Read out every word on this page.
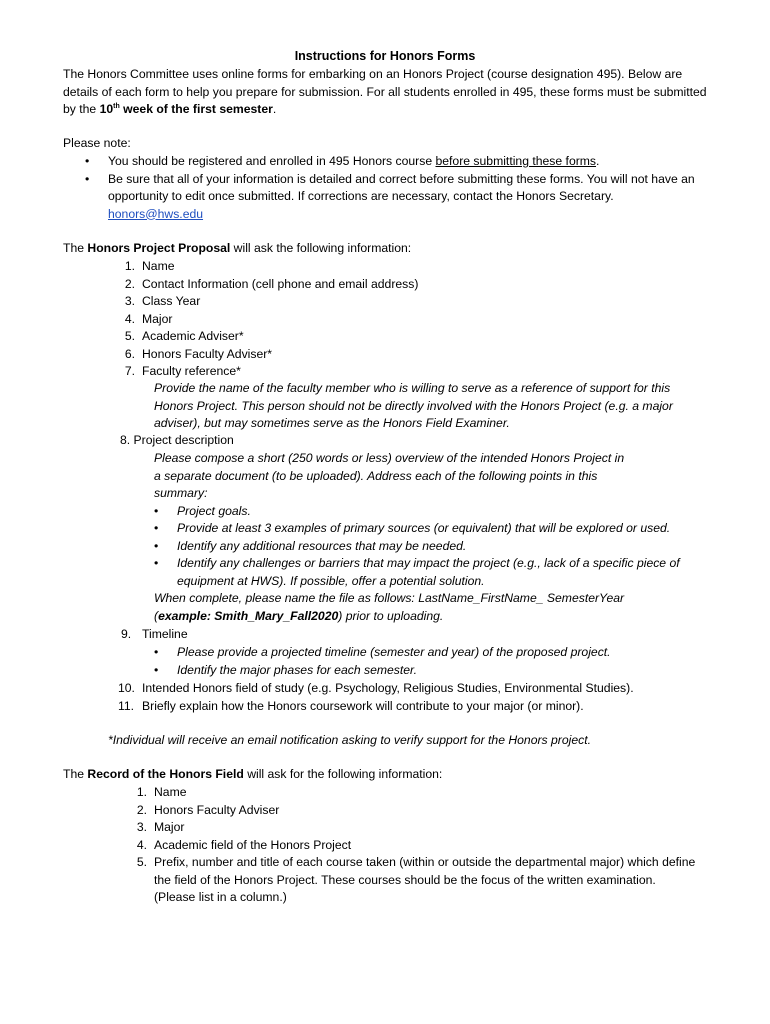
Instructions for Honors Forms
The Honors Committee uses online forms for embarking on an Honors Project (course designation 495). Below are details of each form to help you prepare for submission. For all students enrolled in 495, these forms must be submitted by the 10th week of the first semester.
Please note:
• You should be registered and enrolled in 495 Honors course before submitting these forms.
• Be sure that all of your information is detailed and correct before submitting these forms. You will not have an opportunity to edit once submitted. If corrections are necessary, contact the Honors Secretary.
honors@hws.edu
The Honors Project Proposal will ask the following information:
1. Name
2. Contact Information (cell phone and email address)
3. Class Year
4. Major
5. Academic Adviser*
6. Honors Faculty Adviser*
7. Faculty reference*
Provide the name of the faculty member who is willing to serve as a reference of support for this Honors Project. This person should not be directly involved with the Honors Project (e.g. a major adviser), but may sometimes serve as the Honors Field Examiner.
8. Project description
Please compose a short (250 words or less) overview of the intended Honors Project in a separate document (to be uploaded). Address each of the following points in this summary:
• Project goals.
• Provide at least 3 examples of primary sources (or equivalent) that will be explored or used.
• Identify any additional resources that may be needed.
• Identify any challenges or barriers that may impact the project (e.g., lack of a specific piece of equipment at HWS). If possible, offer a potential solution.
When complete, please name the file as follows: LastName_FirstName_ SemesterYear
(example: Smith_Mary_Fall2020) prior to uploading.
9. Timeline
• Please provide a projected timeline (semester and year) of the proposed project.
• Identify the major phases for each semester.
10. Intended Honors field of study (e.g. Psychology, Religious Studies, Environmental Studies).
11. Briefly explain how the Honors coursework will contribute to your major (or minor).
*Individual will receive an email notification asking to verify support for the Honors project.
The Record of the Honors Field will ask for the following information:
1. Name
2. Honors Faculty Adviser
3. Major
4. Academic field of the Honors Project
5. Prefix, number and title of each course taken (within or outside the departmental major) which define the field of the Honors Project. These courses should be the focus of the written examination. (Please list in a column.)
